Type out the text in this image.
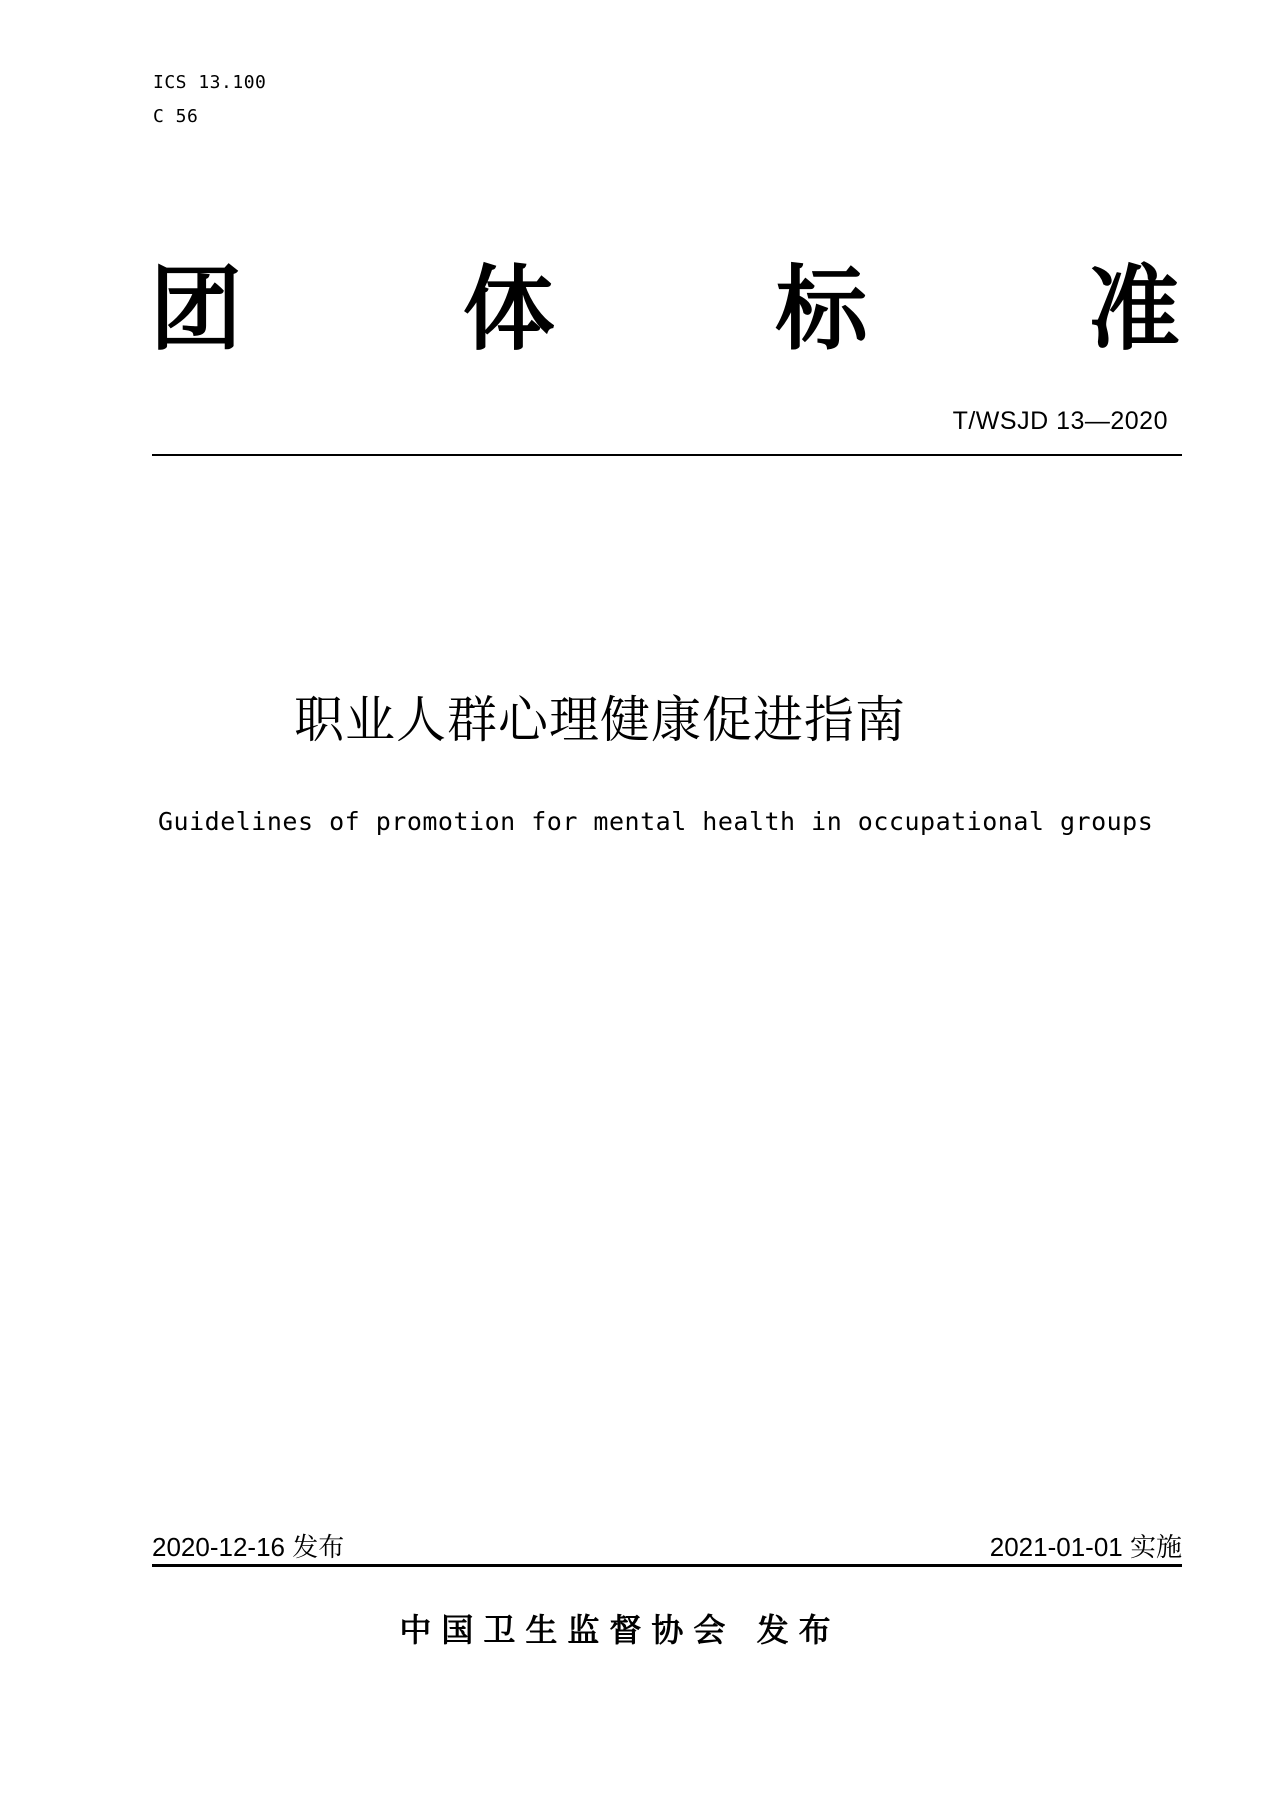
ICS 13.100
C 56
团 体 标 准
T/WSJD 13—2020
职业人群心理健康促进指南
Guidelines of promotion for mental health in occupational groups
2020-12-16 发布	2021-01-01 实施
中国卫生监督协会 发布
